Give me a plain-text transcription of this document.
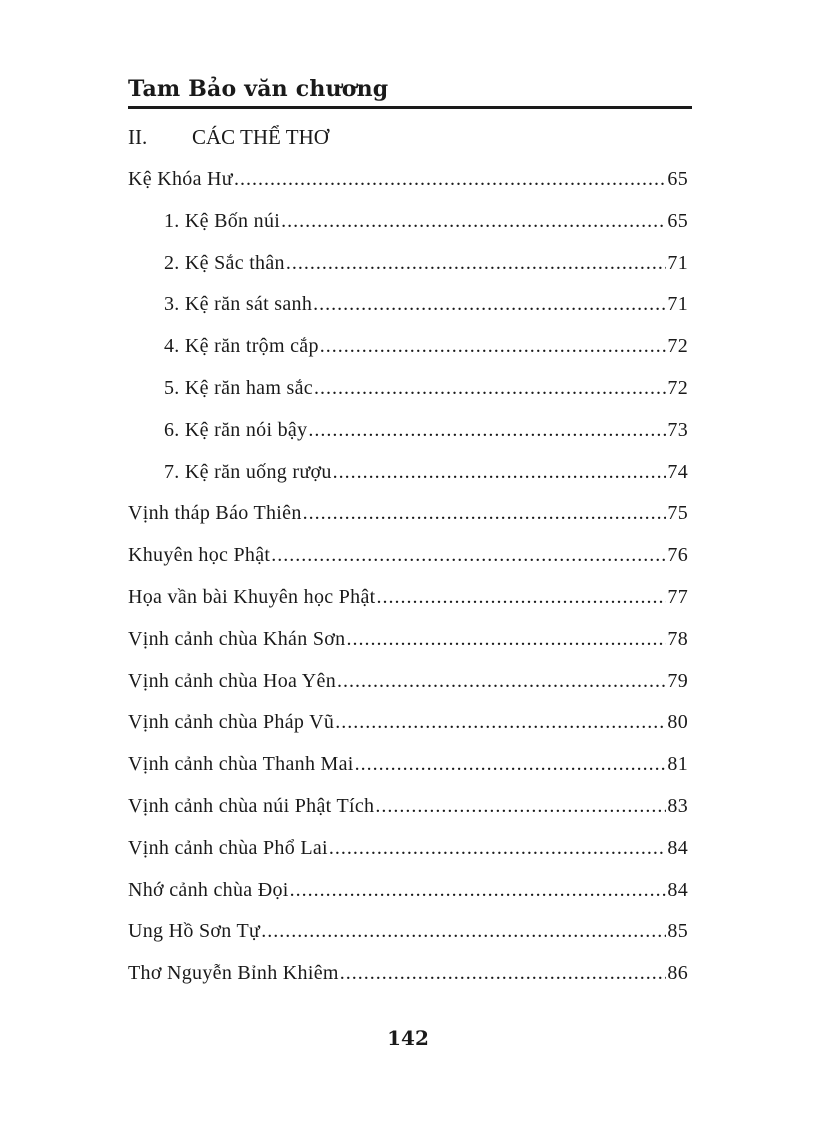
Tam Bảo văn chương
II.	CÁC THỂ THƠ
Kệ Khóa Hư .....	65
1. Kệ Bốn núi .....	65
2. Kệ Sắc thân .....	71
3. Kệ răn sát sanh .....	71
4. Kệ răn trộm cắp .....	72
5. Kệ răn ham sắc .....	72
6. Kệ răn nói bậy .....	73
7. Kệ răn uống rượu .....	74
Vịnh tháp Báo Thiên .....	75
Khuyên học Phật .....	76
Họa vần bài Khuyên học Phật .....	77
Vịnh cảnh chùa Khán Sơn .....	78
Vịnh cảnh chùa Hoa Yên .....	79
Vịnh cảnh chùa Pháp Vũ .....	80
Vịnh cảnh chùa Thanh Mai .....	81
Vịnh cảnh chùa núi Phật Tích .....	83
Vịnh cảnh chùa Phổ Lai .....	84
Nhớ cảnh chùa Đọi .....	84
Ung Hồ Sơn Tự .....	85
Thơ Nguyễn Bỉnh Khiêm .....	86
142
